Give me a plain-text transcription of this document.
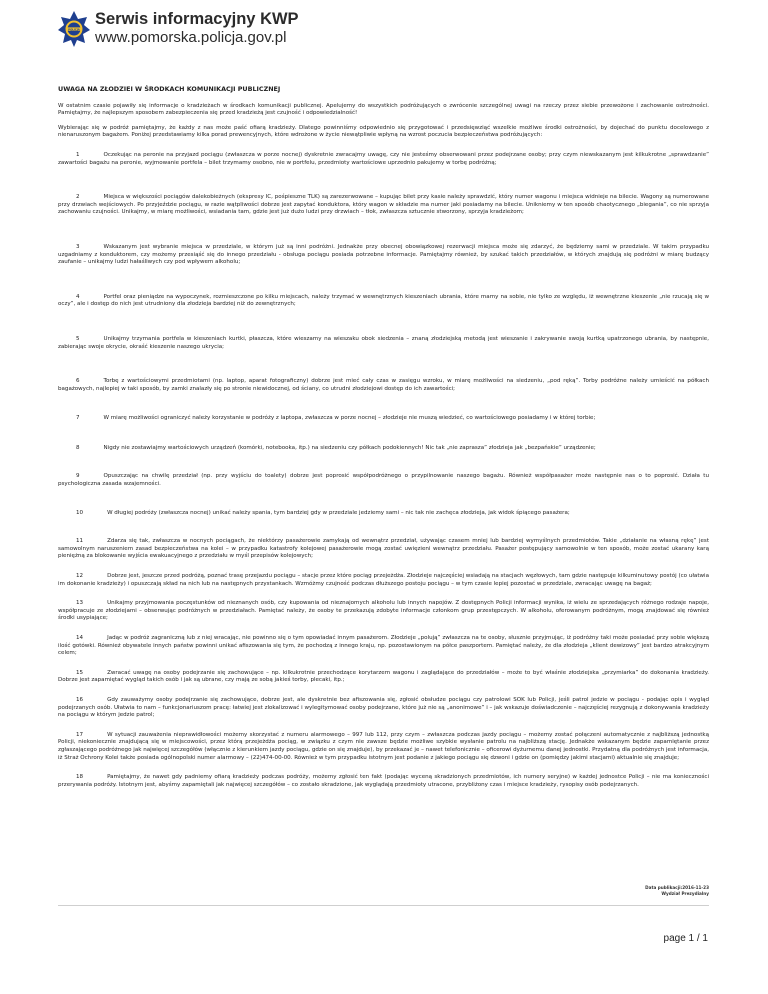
POLICJA
Serwis informacyjny KWP
www.pomorska.policja.gov.pl
UWAGA NA ZŁODZIEI W ŚRODKACH KOMUNIKACJI PUBLICZNEJ

W ostatnim czasie pojawiły się informacje o kradzieżach w środkach komunikacji publicznej. Apelujemy do wszystkich podróżujących o zwrócenie szczególnej uwagi na rzeczy przez siebie przewożone i zachowanie ostrożności. Pamiętajmy, że najlepszym sposobem zabezpieczenia się przed kradzieżą jest czujność i odpowiedzialność!

Wybierając się w podróż pamiętajmy, że każdy z nas może paść ofiarą kradzieży. Dlatego powinniśmy odpowiednio się przygotować i przedsięwziąć wszelkie możliwe środki ostrożności, by dojechać do punktu docelowego z nienaruszonym bagażem. Poniżej przedstawiamy kilka porad prewencyjnych, które wdrożone w życie niewątpliwie wpłyną na wzrost poczucia bezpieczeństwa podróżujących:

1	Oczekując na peronie na przyjazd pociągu (zwłaszcza w porze nocnej) dyskretnie zwracajmy uwagę, czy nie jesteśmy obserwowani przez podejrzane osoby; przy czym niewskazanym jest kilkukrotne „sprawdzanie” zawartości bagażu na peronie, wyjmowanie portfela – bilet trzymamy osobno, nie w portfelu, przedmioty wartościowe uprzednio pakujemy w torbę podróżną;

2	Miejsca w większości pociągów dalekobieżnych (ekspresy IC, pośpieszne TLK) są zarezerwowane – kupując bilet przy kasie należy sprawdzić, który numer wagonu i miejsca widnieje na bilecie. Wagony są numerowane przy drzwiach wejściowych. Po przyjeździe pociągu, w razie wątpliwości dobrze jest zapytać konduktora, który wagon w składzie ma numer jaki posiadamy na bilecie. Unikniemy w ten sposób chaotycznego „biegania”, co nie sprzyja zachowaniu czujności. Unikajmy, w miarę możliwości, wsiadania tam, gdzie jest już dużo ludzi przy drzwiach – tłok, zwłaszcza sztucznie stworzony, sprzyja kradzieżom;

3	Wskazanym jest wybranie miejsca w przedziale, w którym już są inni podróżni. Jednakże przy obecnej obowiązkowej rezerwacji miejsca może się zdarzyć, że będziemy sami w przedziale. W takim przypadku uzgadniamy z konduktorem, czy możemy przesiąść się do innego przedziału - obsługa pociągu posiada potrzebne informacje. Pamiętajmy również, by szukać takich przedziałów, w których znajdują się podróżni w miarę budzący zaufanie – unikajmy ludzi hałaśliwych czy pod wpływem alkoholu;

4	Portfel oraz pieniądze na wypoczynek, rozmieszczone po kilku miejscach, należy trzymać w wewnętrznych kieszeniach ubrania, które mamy na sobie, nie tylko ze względu, iż wewnętrzne kieszenie „nie rzucają się w oczy”, ale i dostęp do nich jest utrudniony dla złodzieja bardziej niż do zewnętrznych;

5	Unikajmy trzymania portfela w kieszeniach kurtki, płaszcza, które wieszamy na wieszaku obok siedzenia – znaną złodziejską metodą jest wieszanie i zakrywanie swoją kurtką upatrzonego ubrania, by następnie, zabierając swoje okrycie, okraść kieszenie naszego ukrycia;

6	Torbę z wartościowymi przedmiotami (np. laptop, aparat fotograficzny) dobrze jest mieć cały czas w zasięgu wzroku, w miarę możliwości na siedzeniu, „pod ręką”. Torby podróżne należy umieścić na półkach bagażowych, najlepiej w taki sposób, by zamki znalazły się po stronie niewidocznej, od ściany, co utrudni złodziejowi dostęp do ich zawartości;

7	W miarę możliwości ograniczyć należy korzystanie w podróży z laptopa, zwłaszcza w porze nocnej – złodzieje nie muszą wiedzieć, co wartościowego posiadamy i w której torbie;

8	Nigdy nie zostawiajmy wartościowych urządzeń (komórki, notebooka, itp.) na siedzeniu czy półkach podokiennych! Nic tak „nie zaprasza” złodzieja jak „bezpańskie” urządzenie;

9	Opuszczając na chwilę przedział (np. przy wyjściu do toalety) dobrze jest poprosić współpodróżnego o przypilnowanie naszego bagażu. Również współpasażer może następnie nas o to poprosić. Działa tu psychologiczna zasada wzajemności.

10	W długiej podróży (zwłaszcza nocnej) unikać należy spania, tym bardziej gdy w przedziale jedziemy sami – nic tak nie zachęca złodzieja, jak widok śpiącego pasażera;

11	Zdarza się tak, zwłaszcza w nocnych pociągach, że niektórzy pasażerowie zamykają od wewnątrz przedział, używając czasem mniej lub bardziej wymyślnych przedmiotów. Takie „działanie na własną rękę” jest samowolnym naruszeniem zasad bezpieczeństwa na kolei – w przypadku katastrofy kolejowej pasażerowie mogą zostać uwięzieni wewnątrz przedziału. Pasażer postępujący samowolnie w ten sposób, może zostać ukarany karą pieniężną za blokowanie wyjścia ewakuacyjnego z przedziału w myśl przepisów kolejowych;

12	Dobrze jest, jeszcze przed podróżą, poznać trasę przejazdu pociągu – stacje przez które pociąg przejeżdża. Złodzieje najczęściej wsiadają na stacjach węzłowych, tam gdzie następuje kilkuminutowy postój (co ułatwia im dokonanie kradzieży) i opuszczają skład na nich lub na następnych przystankach. Wzmóżmy czujność podczas dłuższego postoju pociągu – w tym czasie lepiej pozostać w przedziale, zwracając uwagę na bagaż;

13	Unikajmy przyjmowania poczęstunków od nieznanych osób, czy kupowania od nieznajomych alkoholu lub innych napojów. Z dostępnych Policji informacji wynika, iż wielu ze sprzedających różnego rodzaje napoje, współpracuje ze złodziejami – obserwując podróżnych w przedziałach. Pamiętać należy, że osoby te przekazują zdobyte informacje członkom grup przestępczych. W alkoholu, oferowanym podróżnym, mogą znajdować się również środki usypiające;

14	Jadąc w podróż zagraniczną lub z niej wracając, nie powinno się o tym opowiadać innym pasażerom. Złodzieje „polują” zwłaszcza na te osoby, słusznie przyjmując, iż podróżny taki może posiadać przy sobie większą ilość gotówki. Również obywatele innych państw powinni unikać afiszowania się tym, że pochodzą z innego kraju, np. pozostawionym na półce paszportem. Pamiętać należy, że dla złodzieja „klient dewizowy” jest bardzo atrakcyjnym celem;

15	Zwracać uwagę na osoby podejrzanie się zachowujące – np. kilkukrotnie przechodzące korytarzem wagonu i zaglądające do przedziałów – może to być właśnie złodziejska „przymiarka” do dokonania kradzieży. Dobrze jest zapamiętać wygląd takich osób i jak są ubrane, czy mają ze sobą jakieś torby, plecaki, itp.;

16	Gdy zauważymy osoby podejrzanie się zachowujące, dobrze jest, ale dyskretnie bez afiszowania się, zgłosić obsłudze pociągu czy patrolowi SOK lub Policji, jeśli patrol jedzie w pociągu - podając opis i wygląd podejrzanych osób. Ułatwia to nam – funkcjonariuszom pracę: łatwiej jest zlokalizować i wylegitymować osoby podejrzane, które już nie są „anonimowe” i – jak wskazuje doświadczenie – najczęściej rezygnują z dokonywania kradzieży na pociągu w którym jedzie patrol;

17	W sytuacji zauważenia nieprawidłowości możemy skorzystać z numeru alarmowego – 997 lub 112, przy czym – zwłaszcza podczas jazdy pociągu – możemy zostać połączeni automatycznie z najbliższą jednostką Policji, niekoniecznie znajdującą się w miejscowości, przez którą przejeżdża pociąg, w związku z czym nie zawsze będzie możliwe szybkie wysłanie patrolu na najbliższą stację. Jednakże wskazanym będzie zapamiętanie przez zgłaszającego podróżnego jak najwięcej szczegółów (włącznie z kierunkiem jazdy pociągu, gdzie on się znajduje), by przekazać je – nawet telefonicznie – oficerowi dyżurnemu danej jednostki. Przydatną dla podróżnych jest informacja, iż Straż Ochrony Kolei także posiada ogólnopolski numer alarmowy – (22)474-00-00. Również w tym przypadku istotnym jest podanie z jakiego pociągu się dzwoni i gdzie on (pomiędzy jakimi stacjami) aktualnie się znajduje;

18	Pamiętajmy, że nawet gdy padniemy ofiarą kradzieży podczas podróży, możemy zgłosić ten fakt (podając wyceną skradzionych przedmiotów, ich numery seryjne) w każdej jednostce Policji – nie ma konieczności przerywania podróży. Istotnym jest, abyśmy zapamiętali jak najwięcej szczegółów – co zostało skradzione, jak wyglądają przedmioty utracone, przybliżony czas i miejsce kradzieży, rysopisy osób podejrzanych.

Data publikacji:2016-11-23
Wydział Prezydialny
page 1 / 1
